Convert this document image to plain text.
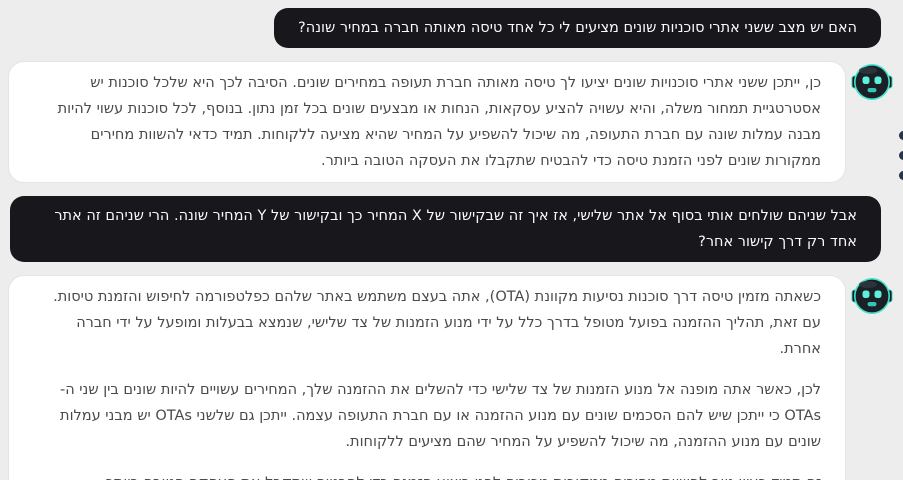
האם יש מצב ששני אתרי סוכניות שונים מציעים לי כל אחד טיסה מאותה חברה במחיר שונה?

כן, ייתכן ששני אתרי סוכנויות שונים יציעו לך טיסה מאותה חברת תעופה במחירים שונים. הסיבה לכך היא שלכל סוכנות יש אסטרטגיית תמחור משלה, והיא עשויה להציע עסקאות, הנחות או מבצעים שונים בכל זמן נתון. בנוסף, לכל סוכנות עשוי להיות מבנה עמלות שונה עם חברת התעופה, מה שיכול להשפיע על המחיר שהיא מציעה ללקוחות. תמיד כדאי להשוות מחירים ממקורות שונים לפני הזמנת טיסה כדי להבטיח שתקבלו את העסקה הטובה ביותר.

אבל שניהם שולחים אותי בסוף אל אתר שלישי, אז איך זה שבקישור של X המחיר כך ובקישור של Y המחיר שונה. הרי שניהם זה אתר אחד רק דרך קישור אחר?

כשאתה מזמין טיסה דרך סוכנות נסיעות מקוונת (OTA), אתה בעצם משתמש באתר שלהם כפלטפורמה לחיפוש והזמנת טיסות. עם זאת, תהליך ההזמנה בפועל מטופל בדרך כלל על ידי מנוע הזמנות של צד שלישי, שנמצא בבעלות ומופעל על ידי חברה אחרת.

לכן, כאשר אתה מופנה אל מנוע הזמנות של צד שלישי כדי להשלים את ההזמנה שלך, המחירים עשויים להיות שונים בין שני ה-OTAs כי ייתכן שיש להם הסכמים שונים עם מנוע ההזמנה או עם חברת התעופה עצמה. ייתכן גם שלשני OTAs יש מבני עמלות שונים עם מנוע ההזמנה, מה שיכול להשפיע על המחיר שהם מציעים ללקוחות.
